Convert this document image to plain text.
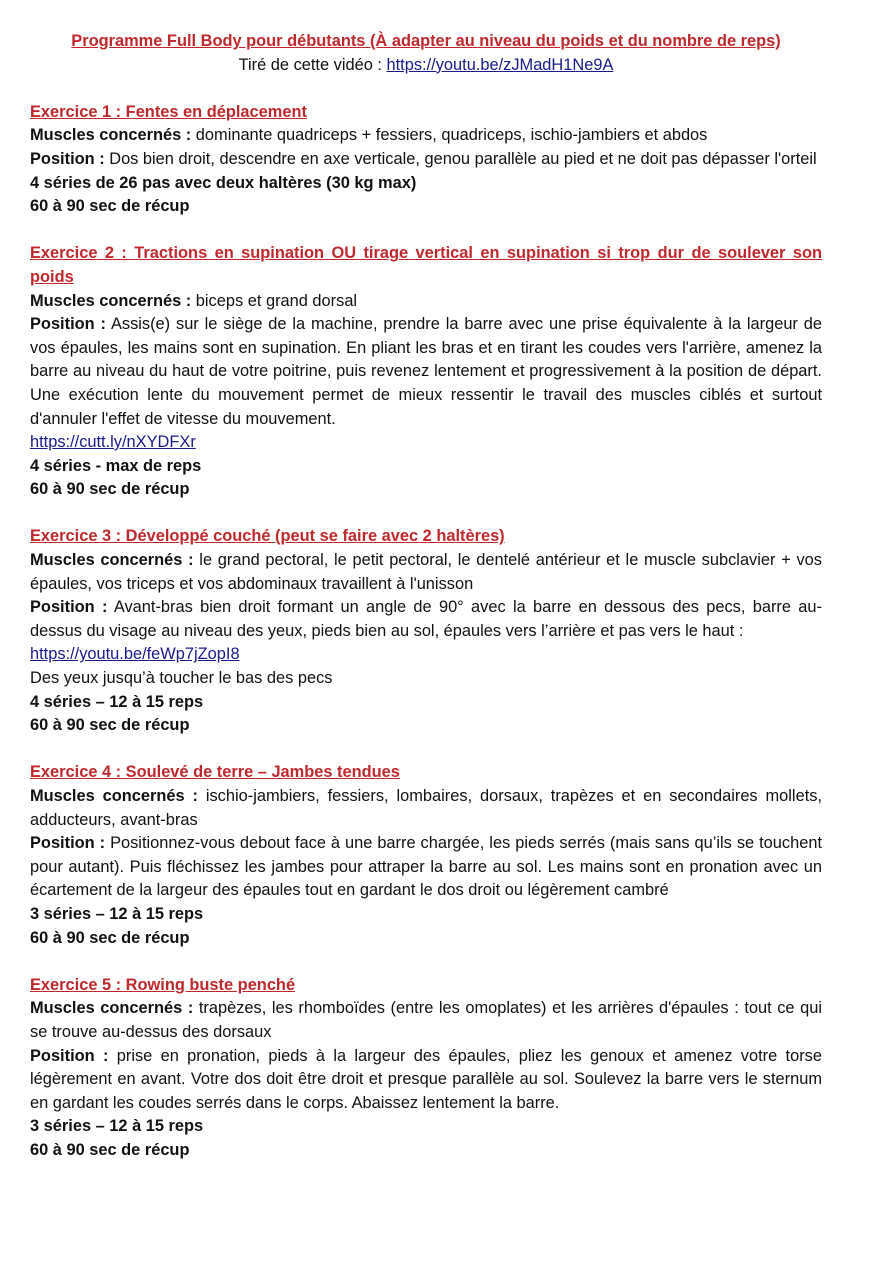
Programme Full Body pour débutants (À adapter au niveau du poids et du nombre de reps)

Tiré de cette vidéo : https://youtu.be/zJMadH1Ne9A

Exercice 1 : Fentes en déplacement

Muscles concernés : dominante quadriceps + fessiers, quadriceps, ischio-jambiers et abdos

Position : Dos bien droit, descendre en axe verticale, genou parallèle au pied et ne doit pas dépasser l'orteil

4 séries de 26 pas avec deux haltères (30 kg max)

60 à 90 sec de récup

Exercice 2 : Tractions en supination OU tirage vertical en supination si trop dur de soulever son poids

Muscles concernés : biceps et grand dorsal

Position : Assis(e) sur le siège de la machine, prendre la barre avec une prise équivalente à la largeur de vos épaules, les mains sont en supination. En pliant les bras et en tirant les coudes vers l'arrière, amenez la barre au niveau du haut de votre poitrine, puis revenez lentement et progressivement à la position de départ. Une exécution lente du mouvement permet de mieux ressentir le travail des muscles ciblés et surtout d'annuler l'effet de vitesse du mouvement.

https://cutt.ly/nXYDFXr

4 séries - max de reps

60 à 90 sec de récup

Exercice 3 : Développé couché (peut se faire avec 2 haltères)

Muscles concernés : le grand pectoral, le petit pectoral, le dentelé antérieur et le muscle subclavier + vos épaules, vos triceps et vos abdominaux travaillent à l'unisson

Position : Avant-bras bien droit formant un angle de 90° avec la barre en dessous des pecs, barre au-dessus du visage au niveau des yeux, pieds bien au sol, épaules vers l’arrière et pas vers le haut :

https://youtu.be/feWp7jZopI8

Des yeux jusqu’à toucher le bas des pecs

4 séries – 12 à 15 reps

60 à 90 sec de récup

Exercice 4 : Soulevé de terre – Jambes tendues

Muscles concernés : ischio-jambiers, fessiers, lombaires, dorsaux, trapèzes et en secondaires mollets, adducteurs, avant-bras

Position : Positionnez-vous debout face à une barre chargée, les pieds serrés (mais sans qu’ils se touchent pour autant). Puis fléchissez les jambes pour attraper la barre au sol. Les mains sont en pronation avec un écartement de la largeur des épaules tout en gardant le dos droit ou légèrement cambré

3 séries – 12 à 15 reps

60 à 90 sec de récup

Exercice 5 : Rowing buste penché

Muscles concernés : trapèzes, les rhomboïdes (entre les omoplates) et les arrières d'épaules : tout ce qui se trouve au-dessus des dorsaux

Position : prise en pronation, pieds à la largeur des épaules, pliez les genoux et amenez votre torse légèrement en avant. Votre dos doit être droit et presque parallèle au sol. Soulevez la barre vers le sternum en gardant les coudes serrés dans le corps. Abaissez lentement la barre.

3 séries – 12 à 15 reps

60 à 90 sec de récup
